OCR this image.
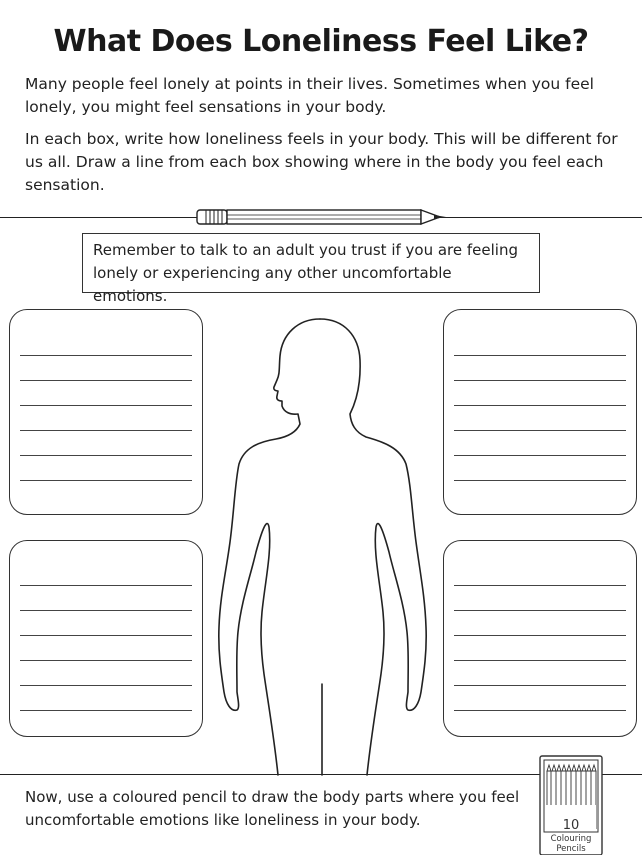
What Does Loneliness Feel Like?
Many people feel lonely at points in their lives. Sometimes when you feel lonely, you might feel sensations in your body.
In each box, write how loneliness feels in your body. This will be different for us all. Draw a line from each box showing where in the body you feel each sensation.
Remember to talk to an adult you trust if you are feeling lonely or experiencing any other uncomfortable emotions.
Now, use a coloured pencil to draw the body parts where you feel uncomfortable emotions like loneliness in your body.	10
Colouring
Pencils
